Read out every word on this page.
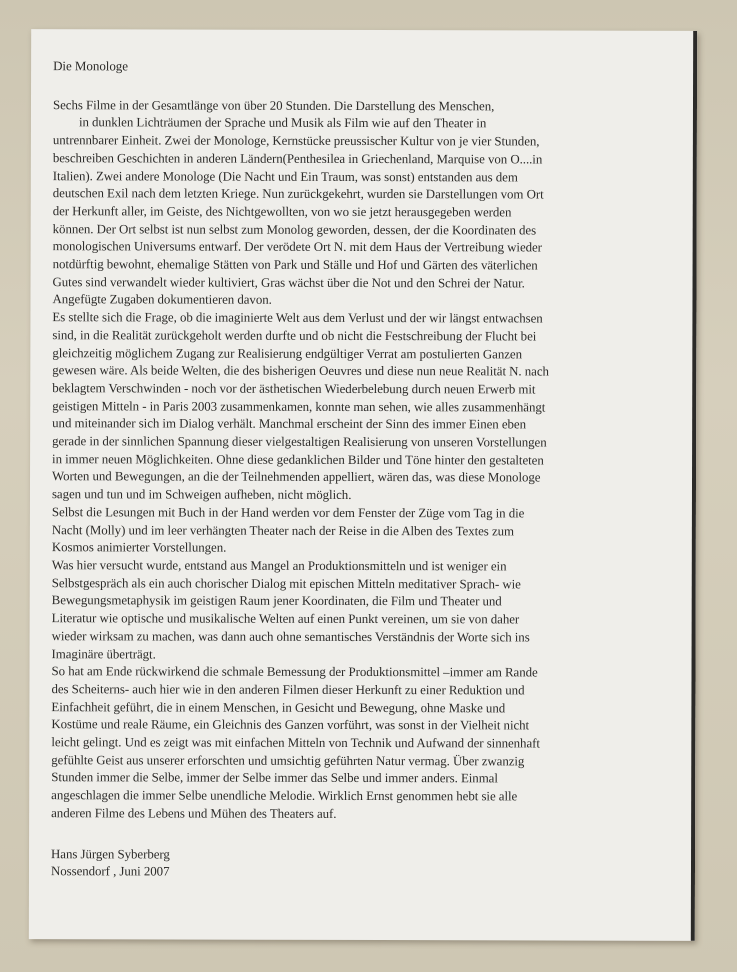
Die Monologe
Sechs Filme in der Gesamtlänge von über 20 Stunden. Die Darstellung des Menschen,
in dunklen Lichträumen der Sprache und Musik als Film wie auf den Theater in
untrennbarer Einheit. Zwei der Monologe, Kernstücke preussischer Kultur von je vier Stunden,
beschreiben Geschichten in anderen Ländern(Penthesilea in Griechenland, Marquise von O....in
Italien). Zwei andere Monologe (Die Nacht und Ein Traum, was sonst) entstanden aus dem
deutschen Exil nach dem letzten Kriege. Nun zurückgekehrt, wurden sie Darstellungen vom Ort
der Herkunft aller, im Geiste, des Nichtgewollten, von wo sie jetzt herausgegeben werden
können. Der Ort selbst ist nun selbst zum Monolog geworden, dessen, der die Koordinaten des
monologischen Universums entwarf. Der verödete Ort N. mit dem Haus der Vertreibung wieder
notdürftig bewohnt, ehemalige Stätten von Park und Ställe und Hof und Gärten des väterlichen
Gutes sind verwandelt wieder kultiviert, Gras wächst über die Not und den Schrei der Natur.
Angefügte Zugaben dokumentieren davon.
Es stellte sich die Frage, ob die imaginierte Welt aus dem Verlust und der wir längst entwachsen
sind, in die Realität zurückgeholt werden durfte und ob nicht die Festschreibung der Flucht bei
gleichzeitig möglichem Zugang zur Realisierung endgültiger Verrat am postulierten Ganzen
gewesen wäre. Als beide Welten, die des bisherigen Oeuvres und diese nun neue Realität N. nach
beklagtem Verschwinden - noch vor der ästhetischen Wiederbelebung durch neuen Erwerb mit
geistigen Mitteln - in Paris 2003 zusammenkamen, konnte man sehen, wie alles zusammenhängt
und miteinander sich im Dialog verhält. Manchmal erscheint der Sinn des immer Einen eben
gerade in der sinnlichen Spannung dieser vielgestaltigen Realisierung von unseren Vorstellungen
in immer neuen Möglichkeiten. Ohne diese gedanklichen Bilder und Töne hinter den gestalteten
Worten und Bewegungen, an die der Teilnehmenden appelliert, wären das, was diese Monologe
sagen und tun und im Schweigen aufheben, nicht möglich.
Selbst die Lesungen mit Buch in der Hand werden vor dem Fenster der Züge vom Tag in die
Nacht (Molly) und im leer verhängten Theater nach der Reise in die Alben des Textes zum
Kosmos animierter Vorstellungen.
Was hier versucht wurde, entstand aus Mangel an Produktionsmitteln und ist weniger ein
Selbstgespräch als ein auch chorischer Dialog mit epischen Mitteln meditativer Sprach- wie
Bewegungsmetaphysik im geistigen Raum jener Koordinaten, die Film und Theater und
Literatur wie optische und musikalische Welten auf einen Punkt vereinen, um sie von daher
wieder wirksam zu machen, was dann auch ohne semantisches Verständnis der Worte sich ins
Imaginäre überträgt.
So hat am Ende rückwirkend die schmale Bemessung der Produktionsmittel –immer am Rande
des Scheiterns- auch hier wie in den anderen Filmen dieser Herkunft zu einer Reduktion und
Einfachheit geführt, die in einem Menschen, in Gesicht und Bewegung, ohne Maske und
Kostüme und reale Räume, ein Gleichnis des Ganzen vorführt, was sonst in der Vielheit nicht
leicht gelingt. Und es zeigt was mit einfachen Mitteln von Technik und Aufwand der sinnenhaft
gefühlte Geist aus unserer erforschten und umsichtig geführten Natur vermag. Über zwanzig
Stunden immer die Selbe, immer der Selbe immer das Selbe und immer anders. Einmal
angeschlagen die immer Selbe unendliche Melodie. Wirklich Ernst genommen hebt sie alle
anderen Filme des Lebens und Mühen des Theaters auf.
Hans Jürgen Syberberg
Nossendorf , Juni 2007
